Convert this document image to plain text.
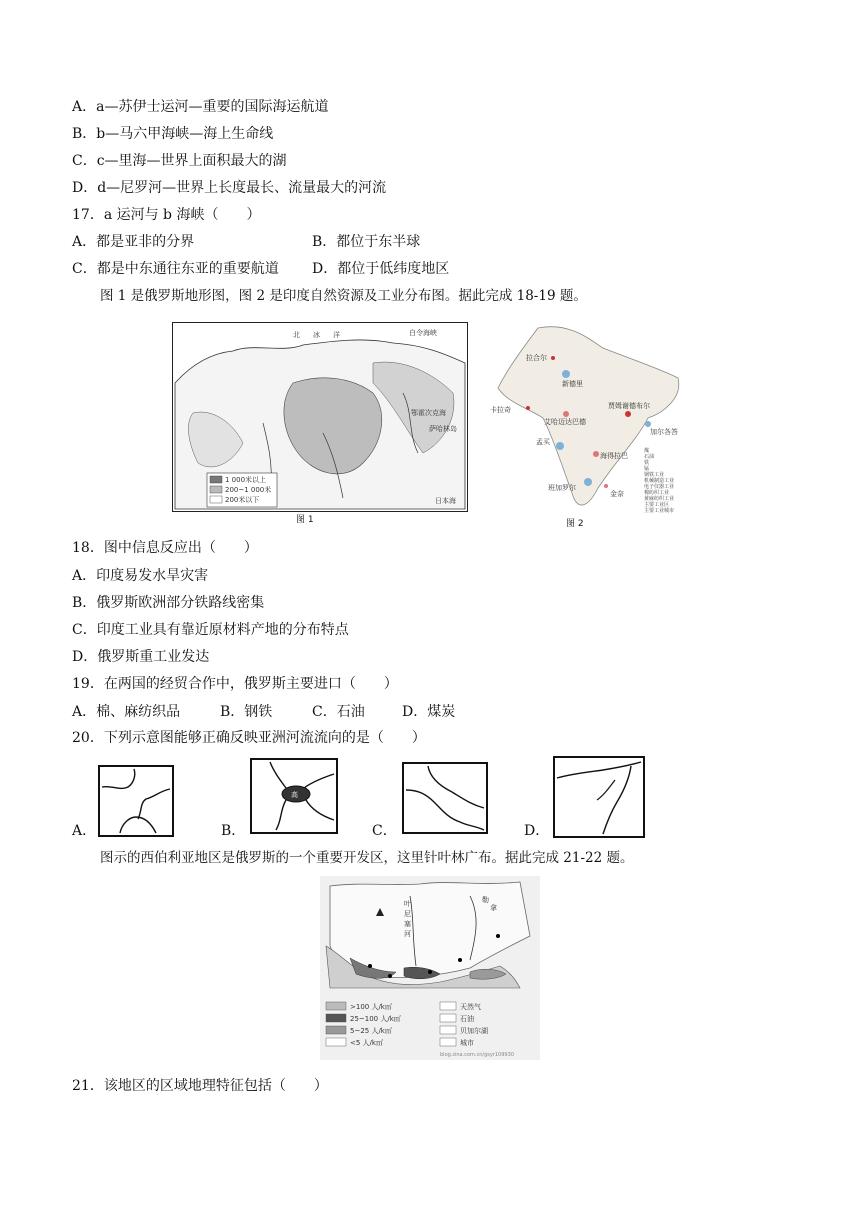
A．a—苏伊士运河—重要的国际海运航道
B．b—马六甲海峡—海上生命线
C．c—里海—世界上面积最大的湖
D．d—尼罗河—世界上长度最长、流量最大的河流
17．a 运河与 b 海峡（　　）
A．都是亚非的分界	B．都位于东半球
C．都是中东通往东亚的重要航道 D．都位于低纬度地区
图 1 是俄罗斯地形图，图 2 是印度自然资源及工业分布图。据此完成 18-19 题。
北 冰 洋	白令海峡
鄂霍次克海
日本海
萨哈林岛
1 000米以上
200~1 000米
200米以下
图 1
拉合尔
新德里
卡拉奇
艾哈迈达巴德
贾姆谢德布尔
加尔各答
孟买
海得拉巴
班加罗尔
金奈
煤
石油
铁
锰
钢铁工业
机械制造工业
电子仪器工业
棉纺织工业
黄麻纺织工业
主要工业区
主要工业城市
图 2
18．图中信息反应出（　　）
A．印度易发水旱灾害
B．俄罗斯欧洲部分铁路线密集
C．印度工业具有靠近原材料产地的分布特点
D．俄罗斯重工业发达
19．在两国的经贸合作中，俄罗斯主要进口（　　）
A．棉、麻纺织品	B．钢铁	C．石油	D．煤炭
20．下列示意图能够正确反映亚洲河流流向的是（　　）
A．	B．
高
C．	D．
图示的西伯利亚地区是俄罗斯的一个重要开发区，这里针叶林广布。据此完成 21-22 题。
叶
尼
塞
河
勒
拿
>100 人/k㎡
25~100 人/k㎡
5~25 人/k㎡
<5 人/k㎡
天然气
石油
贝加尔湖
城市
blog.sina.com.cn/gsyr109930
21．该地区的区域地理特征包括（　　）
